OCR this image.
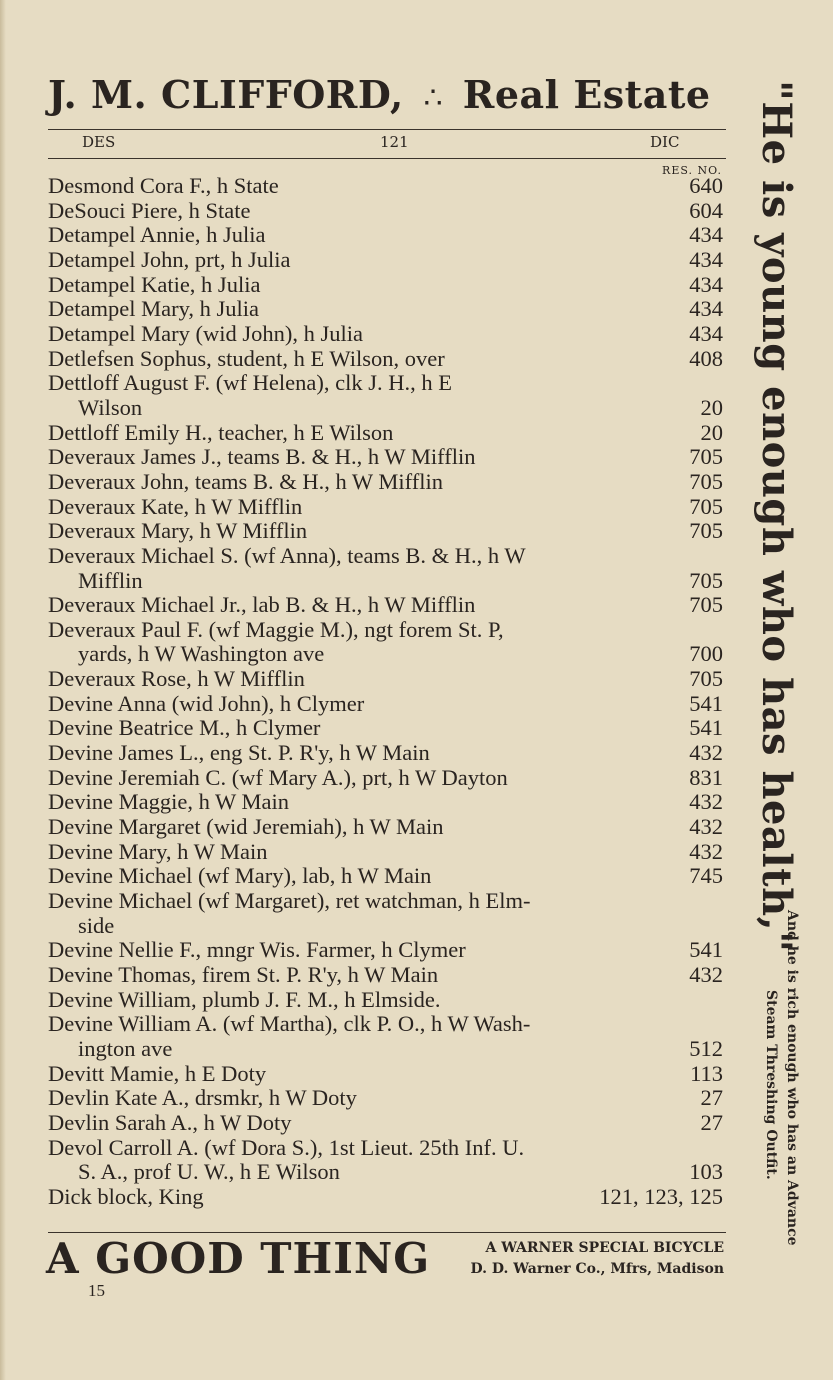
J. M. CLIFFORD, ∴ Real Estate
DES	121	DIC
RES. NO.
Desmond Cora F., h State	640
DeSouci Piere, h State	604
Detampel Annie, h Julia	434
Detampel John, prt, h Julia	434
Detampel Katie, h Julia	434
Detampel Mary, h Julia	434
Detampel Mary (wid John), h Julia	434
Detlefsen Sophus, student, h E Wilson, over	408
Dettloff August F. (wf Helena), clk J. H., h E
Wilson	20
Dettloff Emily H., teacher, h E Wilson	20
Deveraux James J., teams B. & H., h W Mifflin	705
Deveraux John, teams B. & H., h W Mifflin	705
Deveraux Kate, h W Mifflin	705
Deveraux Mary, h W Mifflin	705
Deveraux Michael S. (wf Anna), teams B. & H., h W
Mifflin	705
Deveraux Michael Jr., lab B. & H., h W Mifflin	705
Deveraux Paul F. (wf Maggie M.), ngt forem St. P,
yards, h W Washington ave	700
Deveraux Rose, h W Mifflin	705
Devine Anna (wid John), h Clymer	541
Devine Beatrice M., h Clymer	541
Devine James L., eng St. P. R'y, h W Main	432
Devine Jeremiah C. (wf Mary A.), prt, h W Dayton	831
Devine Maggie, h W Main	432
Devine Margaret (wid Jeremiah), h W Main	432
Devine Mary, h W Main	432
Devine Michael (wf Mary), lab, h W Main	745
Devine Michael (wf Margaret), ret watchman, h Elm-
side
Devine Nellie F., mngr Wis. Farmer, h Clymer	541
Devine Thomas, firem St. P. R'y, h W Main	432
Devine William, plumb J. F. M., h Elmside.
Devine William A. (wf Martha), clk P. O., h W Wash-
ington ave	512
Devitt Mamie, h E Doty	113
Devlin Kate A., drsmkr, h W Doty	27
Devlin Sarah A., h W Doty	27
Devol Carroll A. (wf Dora S.), 1st Lieut. 25th Inf. U.
S. A., prof U. W., h E Wilson	103
Dick block, King	121, 123, 125
"He is young enough who has health,"
And he is rich enough who has an Advance
Steam Threshing Outfit.
A GOOD THING	A WARNER SPECIAL BICYCLE
D. D. Warner Co., Mfrs, Madison
15
